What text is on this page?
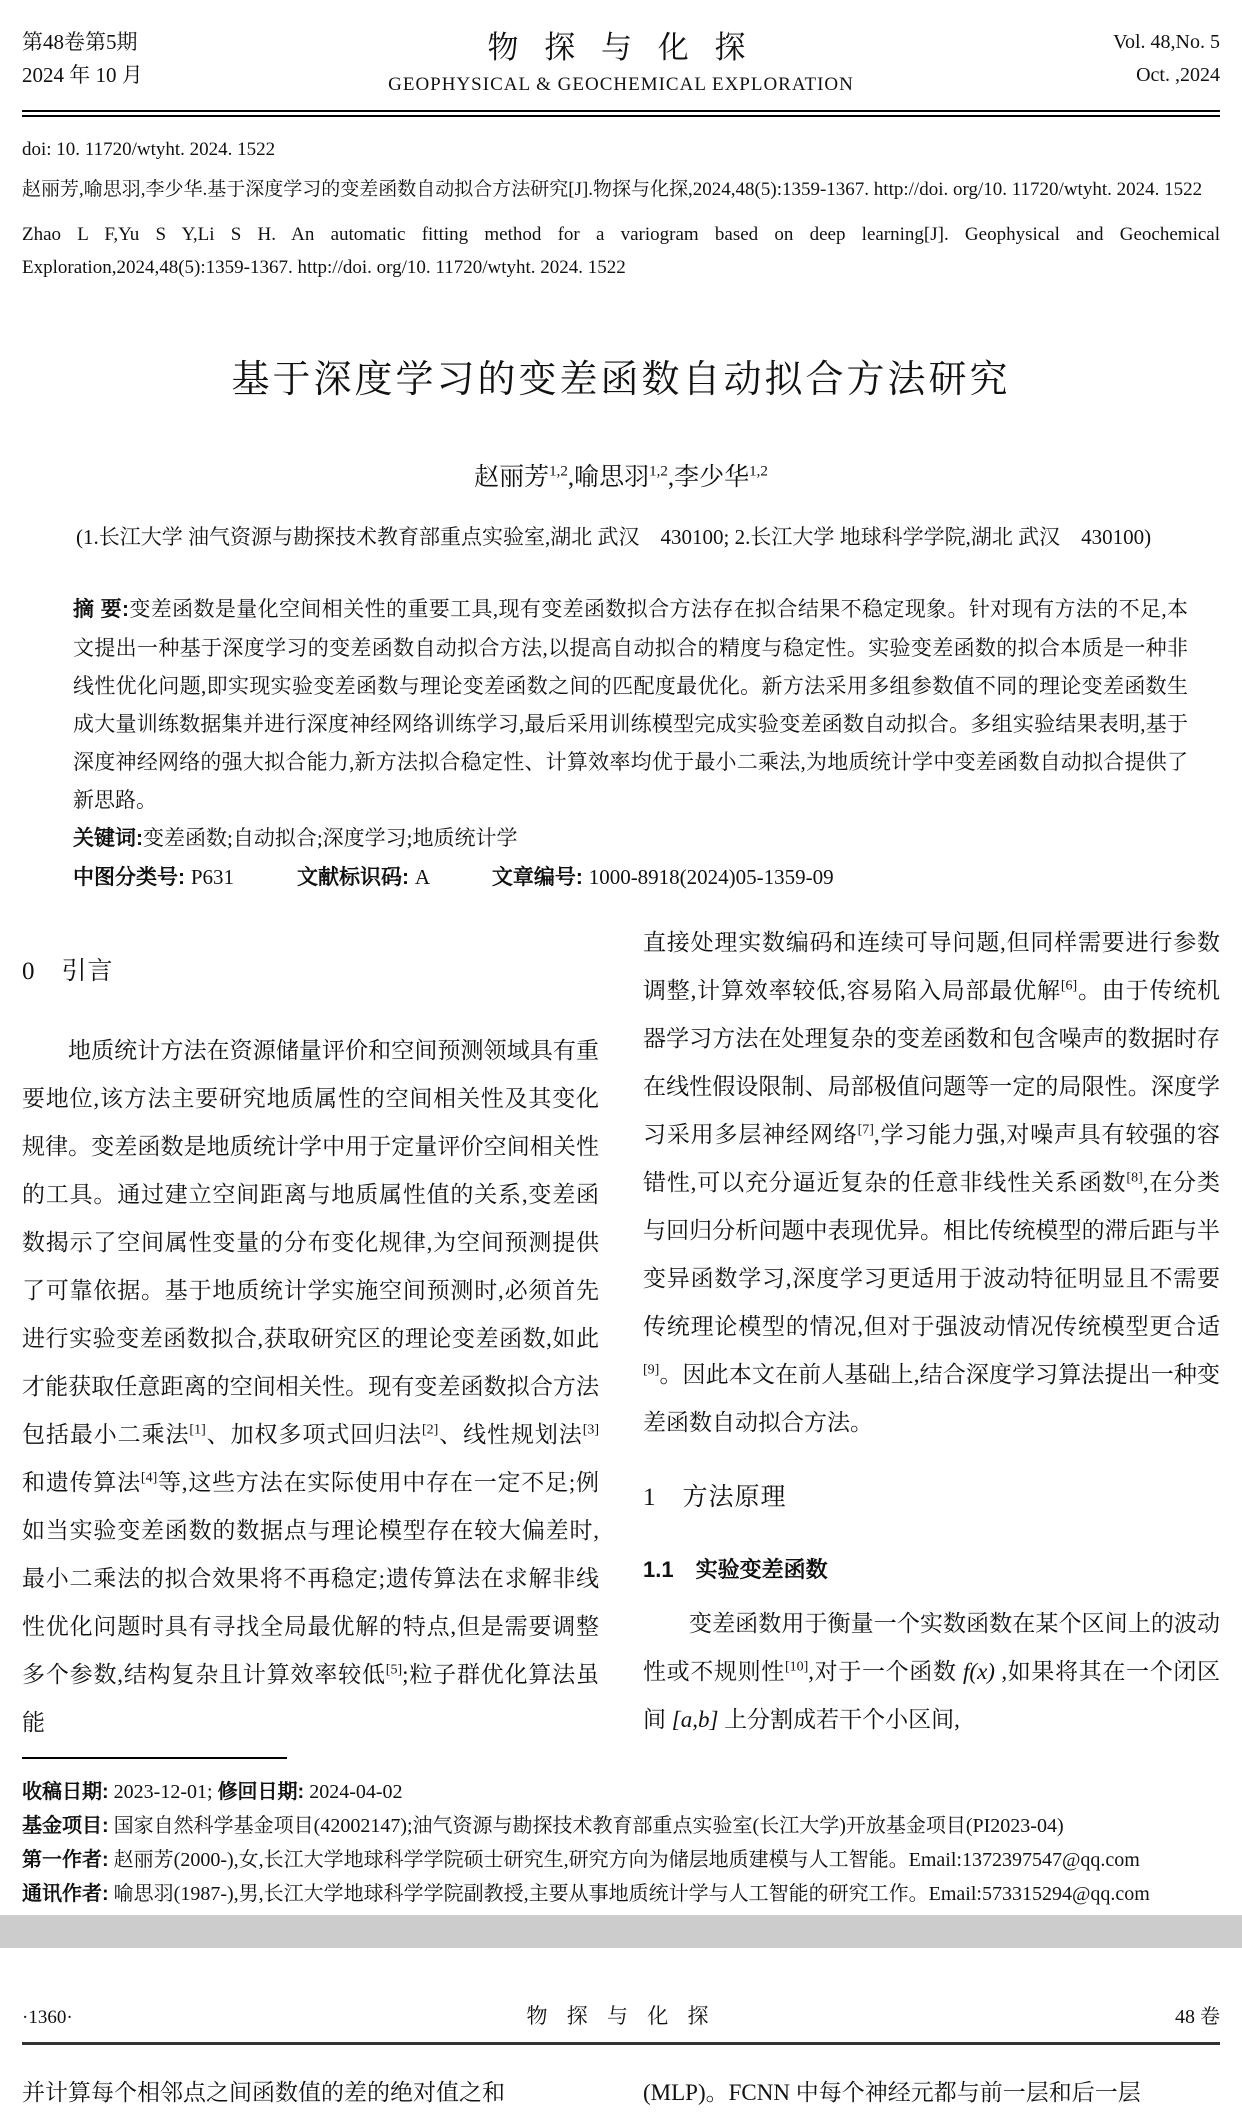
第48卷第5期
2024 年 10 月
物 探 与 化 探
GEOPHYSICAL & GEOCHEMICAL EXPLORATION
Vol. 48,No. 5
Oct. ,2024
doi: 10. 11720/wtyht. 2024. 1522

赵丽芳,喻思羽,李少华.基于深度学习的变差函数自动拟合方法研究[J].物探与化探,2024,48(5):1359-1367. http://doi. org/10. 11720/wtyht. 2024. 1522

Zhao L F,Yu S Y,Li S H. An automatic fitting method for a variogram based on deep learning[J]. Geophysical and Geochemical Exploration,2024,48(5):1359-1367. http://doi. org/10. 11720/wtyht. 2024. 1522

基于深度学习的变差函数自动拟合方法研究
赵丽芳$^{1,2}$,喻思羽$^{1,2}$,李少华$^{1,2}$

(1.长江大学 油气资源与勘探技术教育部重点实验室,湖北 武汉　430100; 2.长江大学 地球科学学院,湖北 武汉　430100)

摘 要:变差函数是量化空间相关性的重要工具,现有变差函数拟合方法存在拟合结果不稳定现象。针对现有方法的不足,本文提出一种基于深度学习的变差函数自动拟合方法,以提高自动拟合的精度与稳定性。实验变差函数的拟合本质是一种非线性优化问题,即实现实验变差函数与理论变差函数之间的匹配度最优化。新方法采用多组参数值不同的理论变差函数生成大量训练数据集并进行深度神经网络训练学习,最后采用训练模型完成实验变差函数自动拟合。多组实验结果表明,基于深度神经网络的强大拟合能力,新方法拟合稳定性、计算效率均优于最小二乘法,为地质统计学中变差函数自动拟合提供了新思路。

关键词:变差函数;自动拟合;深度学习;地质统计学

中图分类号: P631　　　	文献标识码: A　　　	文章编号: 1000-8918(2024)05-1359-09

0　引言

地质统计方法在资源储量评价和空间预测领域具有重要地位,该方法主要研究地质属性的空间相关性及其变化规律。变差函数是地质统计学中用于定量评价空间相关性的工具。通过建立空间距离与地质属性值的关系,变差函数揭示了空间属性变量的分布变化规律,为空间预测提供了可靠依据。基于地质统计学实施空间预测时,必须首先进行实验变差函数拟合,获取研究区的理论变差函数,如此才能获取任意距离的空间相关性。现有变差函数拟合方法包括最小二乘法[1]、加权多项式回归法[2]、线性规划法[3]和遗传算法[4]等,这些方法在实际使用中存在一定不足;例如当实验变差函数的数据点与理论模型存在较大偏差时,最小二乘法的拟合效果将不再稳定;遗传算法在求解非线性优化问题时具有寻找全局最优解的特点,但是需要调整多个参数,结构复杂且计算效率较低[5];粒子群优化算法虽能

直接处理实数编码和连续可导问题,但同样需要进行参数调整,计算效率较低,容易陷入局部最优解[6]。由于传统机器学习方法在处理复杂的变差函数和包含噪声的数据时存在线性假设限制、局部极值问题等一定的局限性。深度学习采用多层神经网络[7],学习能力强,对噪声具有较强的容错性,可以充分逼近复杂的任意非线性关系函数[8],在分类与回归分析问题中表现优异。相比传统模型的滞后距与半变异函数学习,深度学习更适用于波动特征明显且不需要传统理论模型的情况,但对于强波动情况传统模型更合适[9]。因此本文在前人基础上,结合深度学习算法提出一种变差函数自动拟合方法。

1　方法原理
1.1　实验变差函数

变差函数用于衡量一个实数函数在某个区间上的波动性或不规则性[10],对于一个函数 f(x) ,如果将其在一个闭区间 [a,b] 上分割成若干个小区间,

收稿日期: 2023-12-01; 修回日期: 2024-04-02

基金项目: 国家自然科学基金项目(42002147);油气资源与勘探技术教育部重点实验室(长江大学)开放基金项目(PI2023-04)

第一作者: 赵丽芳(2000-),女,长江大学地球科学学院硕士研究生,研究方向为储层地质建模与人工智能。Email:1372397547@qq.com

通讯作者: 喻思羽(1987-),男,长江大学地球科学学院副教授,主要从事地质统计学与人工智能的研究工作。Email:573315294@qq.com

·1360·	物 探 与 化 探	48 卷

并计算每个相邻点之间函数值的差的绝对值之和	(MLP)。FCNN 中每个神经元都与前一层和后一层
